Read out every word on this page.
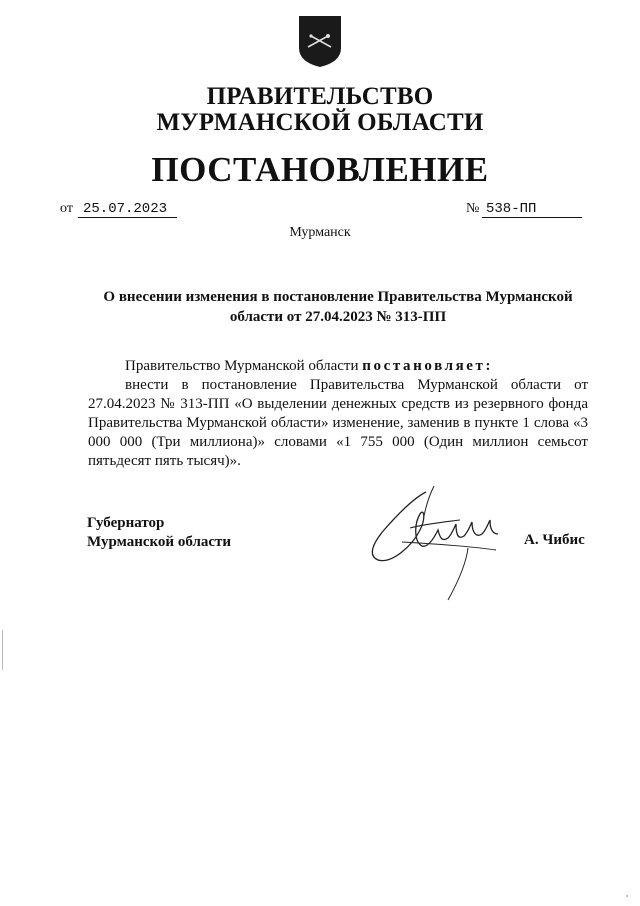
ПРАВИТЕЛЬСТВО
МУРМАНСКОЙ ОБЛАСТИ
ПОСТАНОВЛЕНИЕ
от 25.07.2023	№ 538-ПП
Мурманск
О внесении изменения в постановление Правительства Мурманской
области от 27.04.2023 № 313-ПП

Правительство Мурманской области постановляет:

внести в постановление Правительства Мурманской области от 27.04.2023 № 313-ПП «О выделении денежных средств из резервного фонда Правительства Мурманской области» изменение, заменив в пункте 1 слова «3 000 000 (Три миллиона)» словами «1 755 000 (Один миллион семьсот пятьдесят пять тысяч)».

Губернатор
Мурманской области	А. Чибис
